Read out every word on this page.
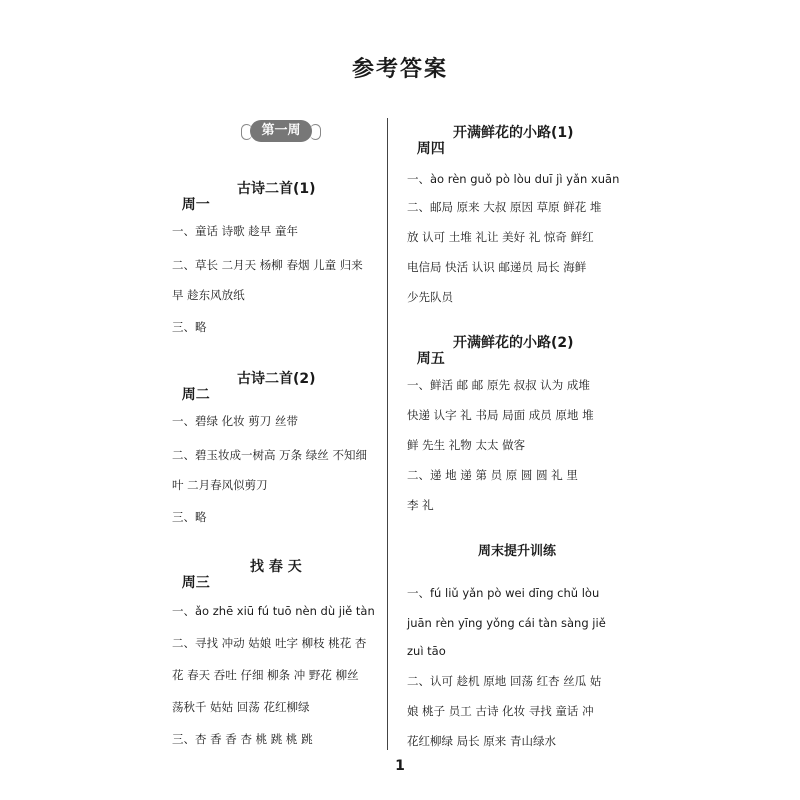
参考答案
第一周

周一

古诗二首(1)

一、童话 诗歌 趁早 童年
二、草长 二月天 杨柳 春烟 儿童 归来
早 趁东风放纸
三、略

周二

古诗二首(2)

一、碧绿 化妆 剪刀 丝带
二、碧玉妆成一树高 万条 绿丝 不知细
叶 二月春风似剪刀
三、略

周三

找 春 天

一、ǎo zhē xiū fú tuō nèn dù jiě tàn
二、寻找 冲动 姑娘 吐字 柳枝 桃花 杏
花 春天 吞吐 仔细 柳条 冲 野花 柳丝
荡秋千 姑姑 回荡 花红柳绿
三、杏 香 香 杏 桃 跳 桃 跳

周四

开满鲜花的小路(1)

一、ào rèn guǒ pò lòu duī jì yǎn xuān
二、邮局 原来 大叔 原因 草原 鲜花 堆
放 认可 土堆 礼让 美好 礼 惊奇 鲜红
电信局 快活 认识 邮递员 局长 海鲜
少先队员

周五

开满鲜花的小路(2)

一、鲜活 邮 邮 原先 叔叔 认为 成堆
快递 认字 礼 书局 局面 成员 原地 堆
鲜 先生 礼物 太太 做客
二、递 地 递 第 员 原 圆 圆 礼 里
李 礼
周末提升训练
一、fú liǔ yǎn pò wei dīng chǔ lòu
juān rèn yīng yǒng cái tàn sàng jiě
zuì tāo
二、认可 趁机 原地 回荡 红杏 丝瓜 姑
娘 桃子 员工 古诗 化妆 寻找 童话 冲
花红柳绿 局长 原来 青山绿水
1
